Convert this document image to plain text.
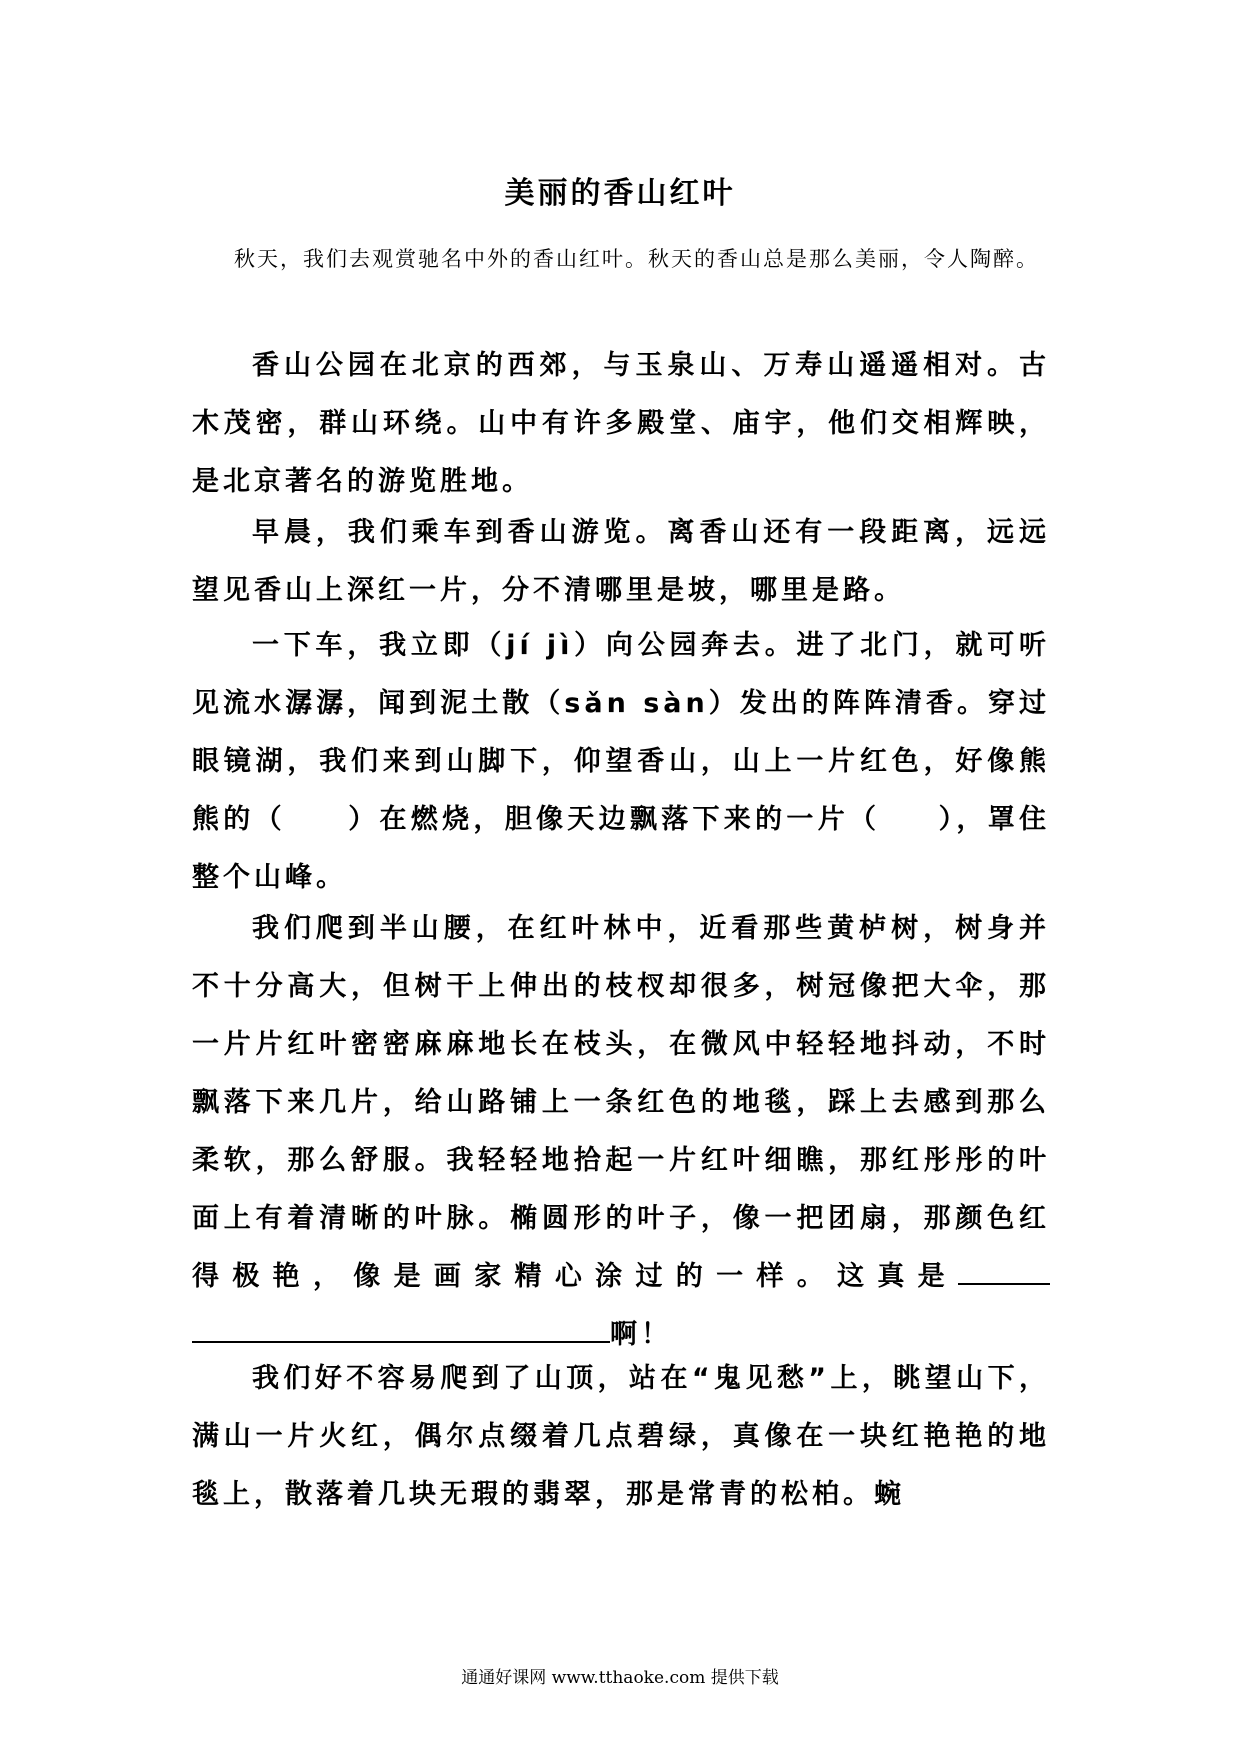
美丽的香山红叶

秋天，我们去观赏驰名中外的香山红叶。秋天的香山总是那么美丽，令人陶醉。

香山公园在北京的西郊，与玉泉山、万寿山遥遥相对。古木茂密，群山环绕。山中有许多殿堂、庙宇，他们交相辉映，是北京著名的游览胜地。

早晨，我们乘车到香山游览。离香山还有一段距离，远远望见香山上深红一片，分不清哪里是坡，哪里是路。

一下车，我立即（jí jì）向公园奔去。进了北门，就可听见流水潺潺，闻到泥土散（sǎn sàn）发出的阵阵清香。穿过眼镜湖，我们来到山脚下，仰望香山，山上一片红色，好像熊熊的（ ）在燃烧，胆像天边飘落下来的一片（ ），罩住整个山峰。

我们爬到半山腰，在红叶林中，近看那些黄栌树，树身并不十分高大，但树干上伸出的枝杈却很多，树冠像把大伞，那一片片红叶密密麻麻地长在枝头，在微风中轻轻地抖动，不时飘落下来几片，给山路铺上一条红色的地毯，踩上去感到那么柔软，那么舒服。我轻轻地拾起一片红叶细瞧，那红彤彤的叶面上有着清晰的叶脉。椭圆形的叶子，像一把团扇，那颜色红得极艳，像是画家精心涂过的一样。这真是 啊！

我们好不容易爬到了山顶，站在“鬼见愁”上，眺望山下，满山一片火红，偶尔点缀着几点碧绿，真像在一块红艳艳的地毯上，散落着几块无瑕的翡翠，那是常青的松柏。蜿

通通好课网 www.tthaoke.com 提供下载
